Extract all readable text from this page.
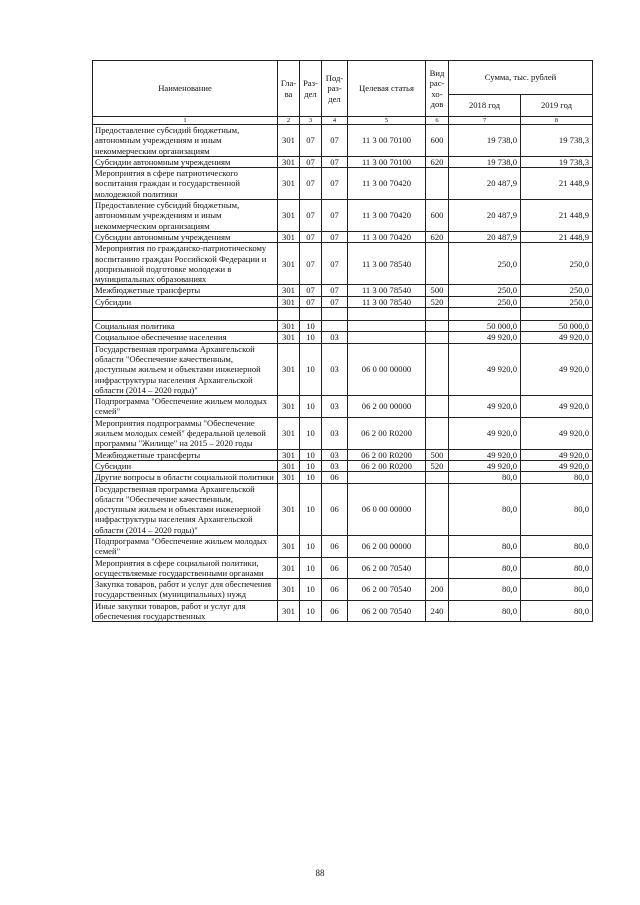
Наименование	Гла-ва	Раз-дел	Под-раз-дел	Целевая статья	Вид рас-хо-дов	Сумма, тыс. рублей	
						2018 год	2019 год
1	2	3	4	5	6	7	8
Предоставление субсидий бюджетным, автономным учреждениям и иным некоммерческим организациям	301	07	07	11 3 00 70100	600	19 738,0	19 738,3
Субсидии автономным учреждениям	301	07	07	11 3 00 70100	620	19 738,0	19 738,3
Мероприятия в сфере патриотического воспитания граждан и государственной молодежной политики	301	07	07	11 3 00 70420		20 487,9	21 448,9
Предоставление субсидий бюджетным, автономным учреждениям и иным некоммерческим организациям	301	07	07	11 3 00 70420	600	20 487,9	21 448,9
Субсидии автономным учреждениям	301	07	07	11 3 00 70420	620	20 487,9	21 448,9
Мероприятия по гражданско-патриотическому воспитанию граждан Российской Федерации и допризывной подготовке молодежи в муниципальных образованиях	301	07	07	11 3 00 78540		250,0	250,0
Межбюджетные трансферты	301	07	07	11 3 00 78540	500	250,0	250,0
Субсидии	301	07	07	11 3 00 78540	520	250,0	250,0

Социальная политика	301	10				50 000,0	50 000,0
Социальное обеспечение населения	301	10	03			49 920,0	49 920,0
Государственная программа Архангельской области "Обеспечение качественным, доступным жильем и объектами инженерной инфраструктуры населения Архангельской области (2014 – 2020 годы)"	301	10	03	06 0 00 00000		49 920,0	49 920,0
Подпрограмма "Обеспечение жильем молодых семей"	301	10	03	06 2 00 00000		49 920,0	49 920,0
Мероприятия подпрограммы "Обеспечение жильем молодых семей" федеральной целевой программы "Жилище" на 2015 – 2020 годы	301	10	03	06 2 00 R0200		49 920,0	49 920,0
Межбюджетные трансферты	301	10	03	06 2 00 R0200	500	49 920,0	49 920,0
Субсидии	301	10	03	06 2 00 R0200	520	49 920,0	49 920,0
Другие вопросы в области социальной политики	301	10	06			80,0	80,0
Государственная программа Архангельской области "Обеспечение качественным, доступным жильем и объектами инженерной инфраструктуры населения Архангельской области (2014 – 2020 годы)"	301	10	06	06 0 00 00000		80,0	80,0
Подпрограмма "Обеспечение жильем молодых семей"	301	10	06	06 2 00 00000		80,0	80,0
Мероприятия в сфере социальной политики, осуществляемые государственными органами	301	10	06	06 2 00 70540		80,0	80,0
Закупка товаров, работ и услуг для обеспечения государственных (муниципальных) нужд	301	10	06	06 2 00 70540	200	80,0	80,0
Иные закупки товаров, работ и услуг для обеспечения государственных	301	10	06	06 2 00 70540	240	80,0	80,0
88
